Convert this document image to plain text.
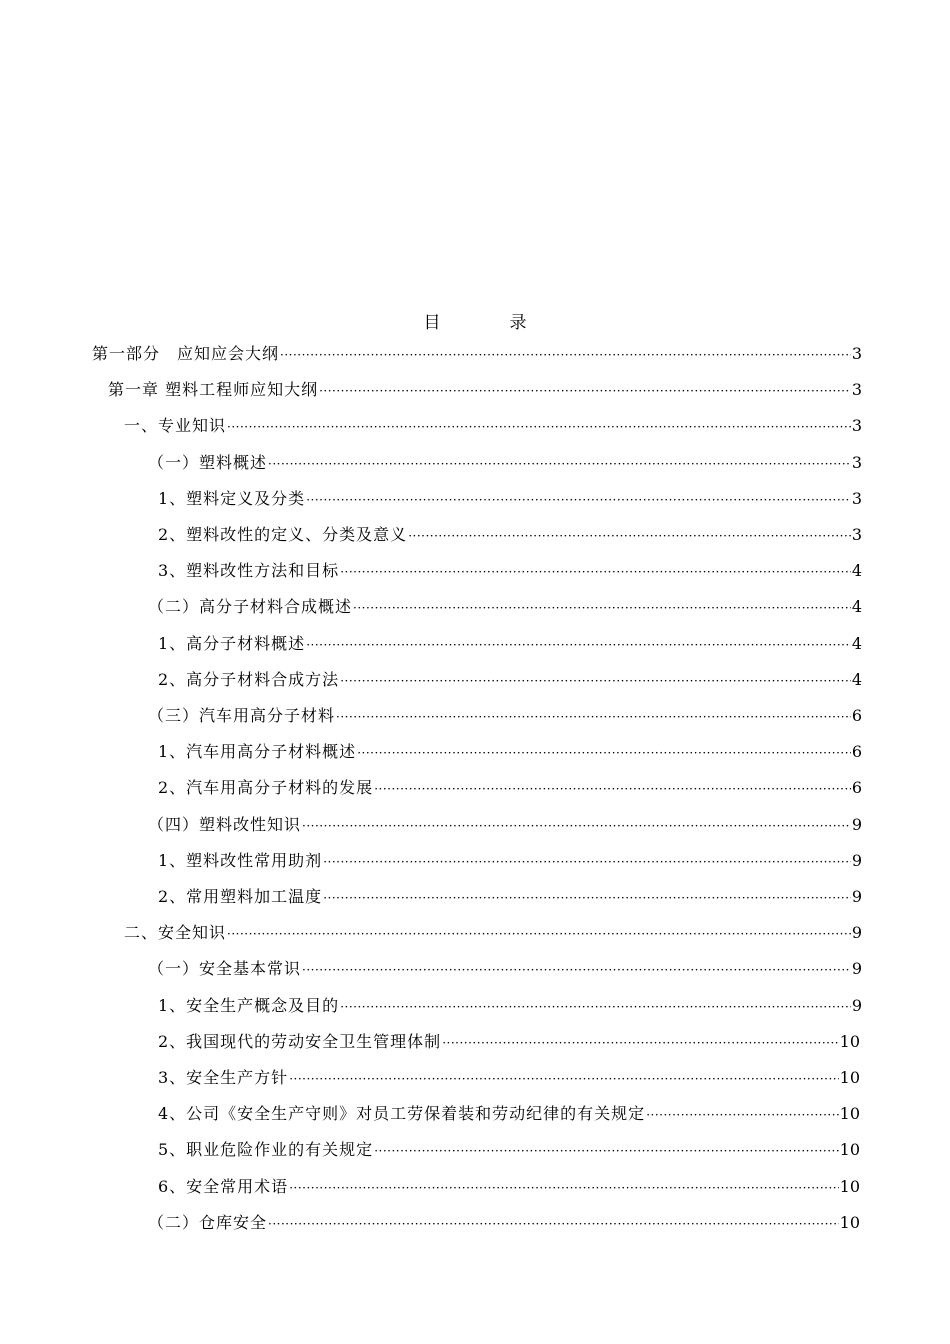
目　录
第一部分　应知应会大纲 ·····	3
第一章 塑料工程师应知大纲 ·····	3
一、专业知识 ·····	3
（一）塑料概述 ·····	3
1、塑料定义及分类 ·····	3
2、塑料改性的定义、分类及意义 ·····	3
3、塑料改性方法和目标 ·····	4
（二）高分子材料合成概述 ·····	4
1、高分子材料概述 ·····	4
2、高分子材料合成方法 ·····	4
（三）汽车用高分子材料 ·····	6
1、汽车用高分子材料概述 ·····	6
2、汽车用高分子材料的发展 ·····	6
（四）塑料改性知识 ·····	9
1、塑料改性常用助剂 ·····	9
2、常用塑料加工温度 ·····	9
二、安全知识 ·····	9
（一）安全基本常识 ·····	9
1、安全生产概念及目的 ·····	9
2、我国现代的劳动安全卫生管理体制 ·····	10
3、安全生产方针 ·····	10
4、公司《安全生产守则》对员工劳保着装和劳动纪律的有关规定 ·····	10
5、职业危险作业的有关规定 ·····	10
6、安全常用术语 ·····	10
（二）仓库安全 ·····	10
